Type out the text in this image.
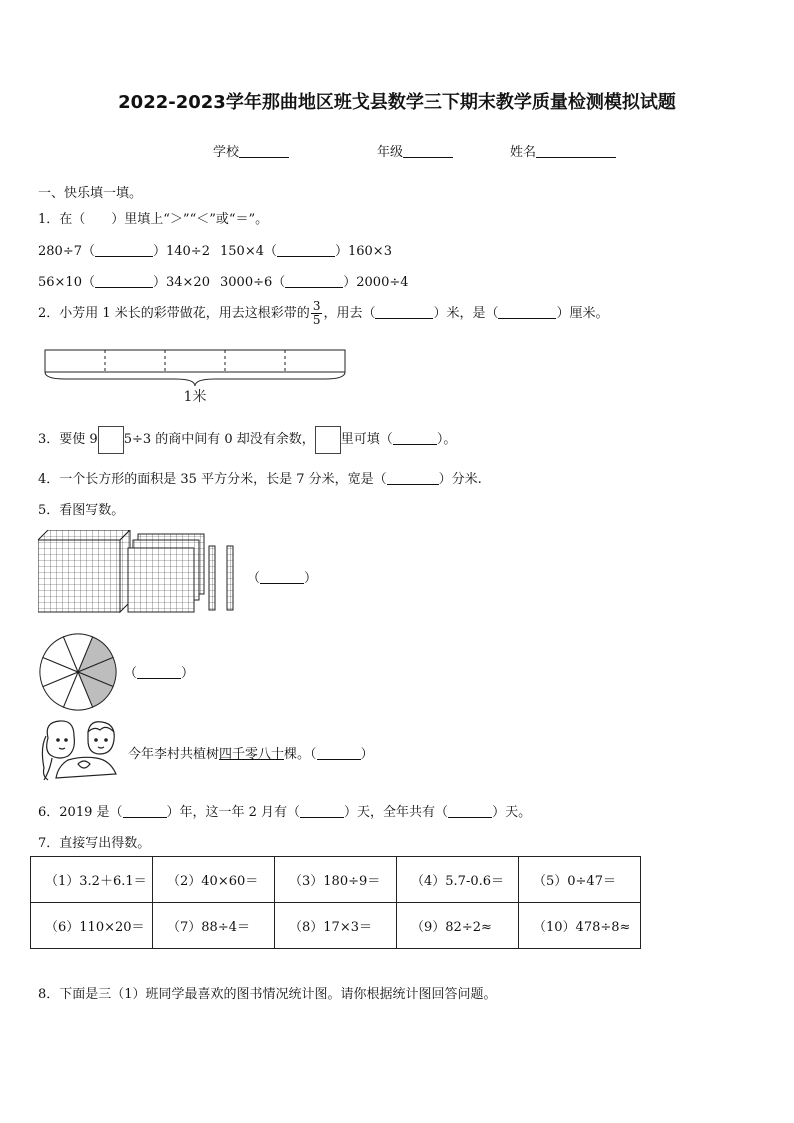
2022-2023学年那曲地区班戈县数学三下期末教学质量检测模拟试题
学校	年级	姓名
一、快乐填一填。
1．在（　　）里填上“＞”“＜”或“＝”。
280÷7（	）140÷2 150×4（	）160×3
56×10（	）34×20 3000÷6（	）2000÷4
2．小芳用 1 米长的彩带做花，用去这根彩带的 $\frac{3}{5}$ ，用去（	）米，是（	）厘米。
1米
3．要使 9 5÷3 的商中间有 0 却没有余数， 里可填（	）。
4．一个长方形的面积是 35 平方分米，长是 7 分米，宽是（	）分米.
5．看图写数。
（	）
（	）
今年李村共植树四千零八十棵。（	）
6．2019 是（	）年，这一年 2 月有（	）天，全年共有（	）天。
7．直接写出得数。
（1）3.2＋6.1＝	（2）40×60＝	（3）180÷9＝	（4）5.7-0.6＝	（5）0÷47＝
（6）110×20＝	（7）88÷4＝	（8）17×3＝	（9）82÷2≈	（10）478÷8≈
8．下面是三（1）班同学最喜欢的图书情况统计图。请你根据统计图回答问题。
